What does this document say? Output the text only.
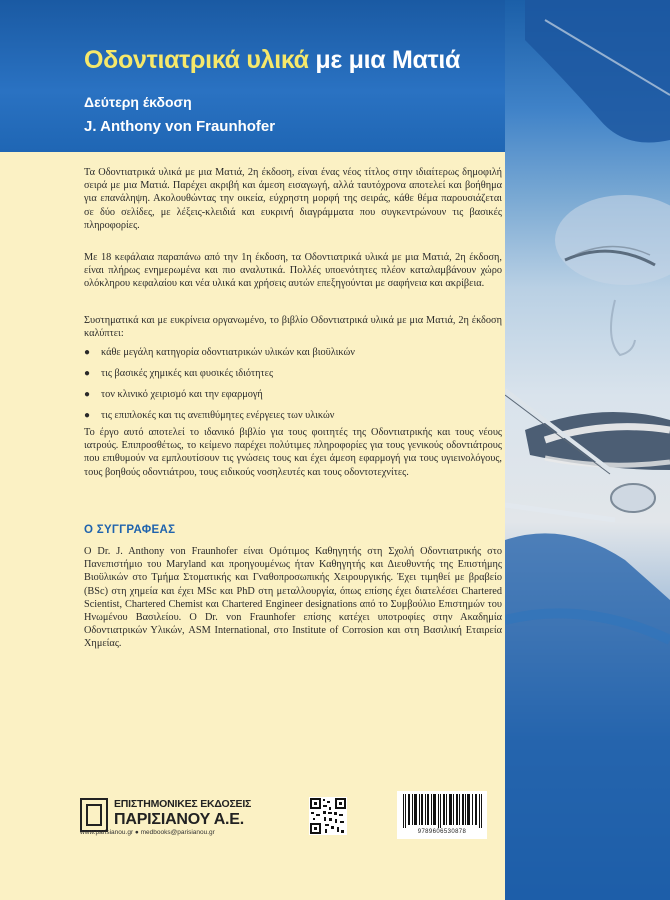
Οδοντιατρικά υλικά με μια Ματιά
Δεύτερη έκδοση
J. Anthony von Fraunhofer

Τα Οδοντιατρικά υλικά με μια Ματιά, 2η έκδοση, είναι ένας νέος τίτλος στην ιδιαίτερως δημοφιλή σειρά με μια Ματιά. Παρέχει ακριβή και άμεση εισαγωγή, αλλά ταυτόχρονα αποτελεί και βοήθημα για επανάληψη. Ακολουθώντας την οικεία, εύχρηστη μορφή της σειράς, κάθε θέμα παρουσιάζεται σε δύο σελίδες, με λέξεις-κλειδιά και ευκρινή διαγράμματα που συγκεντρώνουν τις βασικές πληροφορίες.

Με 18 κεφάλαια παραπάνω από την 1η έκδοση, τα Οδοντιατρικά υλικά με μια Ματιά, 2η έκδοση, είναι πλήρως ενημερωμένα και πιο αναλυτικά. Πολλές υποενότητες πλέον καταλαμβάνουν χώρο ολόκληρου κεφαλαίου και νέα υλικά και χρήσεις αυτών επεξηγούνται με σαφήνεια και ακρίβεια.

Συστηματικά και με ευκρίνεια οργανωμένο, το βιβλίο Οδοντιατρικά υλικά με μια Ματιά, 2η έκδοση καλύπτει:

● κάθε μεγάλη κατηγορία οδοντιατρικών υλικών και βιοϋλικών
● τις βασικές χημικές και φυσικές ιδιότητες
● τον κλινικό χειρισμό και την εφαρμογή
● τις επιπλοκές και τις ανεπιθύμητες ενέργειες των υλικών

Το έργο αυτό αποτελεί το ιδανικό βιβλίο για τους φοιτητές της Οδοντιατρικής και τους νέους ιατρούς. Επιπροσθέτως, το κείμενο παρέχει πολύτιμες πληροφορίες για τους γενικούς οδοντιάτρους που επιθυμούν να εμπλουτίσουν τις γνώσεις τους και έχει άμεση εφαρμογή για τους υγιεινολόγους, τους βοηθούς οδοντιάτρου, τους ειδικούς νοσηλευτές και τους οδοντοτεχνίτες.

Ο ΣΥΓΓΡΑΦΕΑΣ

O Dr. J. Anthony von Fraunhofer είναι Ομότιμος Καθηγητής στη Σχολή Οδοντιατρικής στο Πανεπιστήμιο του Maryland και προηγουμένως ήταν Καθηγητής και Διευθυντής της Επιστήμης Βιοϋλικών στο Τμήμα Στοματικής και Γναθοπροσωπικής Χειρουργικής. Έχει τιμηθεί με βραβείο (BSc) στη χημεία και έχει MSc και PhD στη μεταλλουργία, όπως επίσης έχει διατελέσει Chartered Scientist, Chartered Chemist και Chartered Engineer designations από το Συμβούλιο Επιστημών του Ηνωμένου Βασιλείου. O Dr. von Fraunhofer επίσης κατέχει υποτροφίες στην Ακαδημία Οδοντιατρικών Υλικών, ASM International, στο Institute of Corrosion και στη Βασιλική Εταιρεία Χημείας.

ΕΠΙΣΤΗΜΟΝΙΚΕΣ ΕΚΔΟΣΕΙΣ
ΠΑΡΙΣΙΑΝΟΥ Α.Ε.
www.parisianou.gr ● medbooks@parisianou.gr	9789606530878
